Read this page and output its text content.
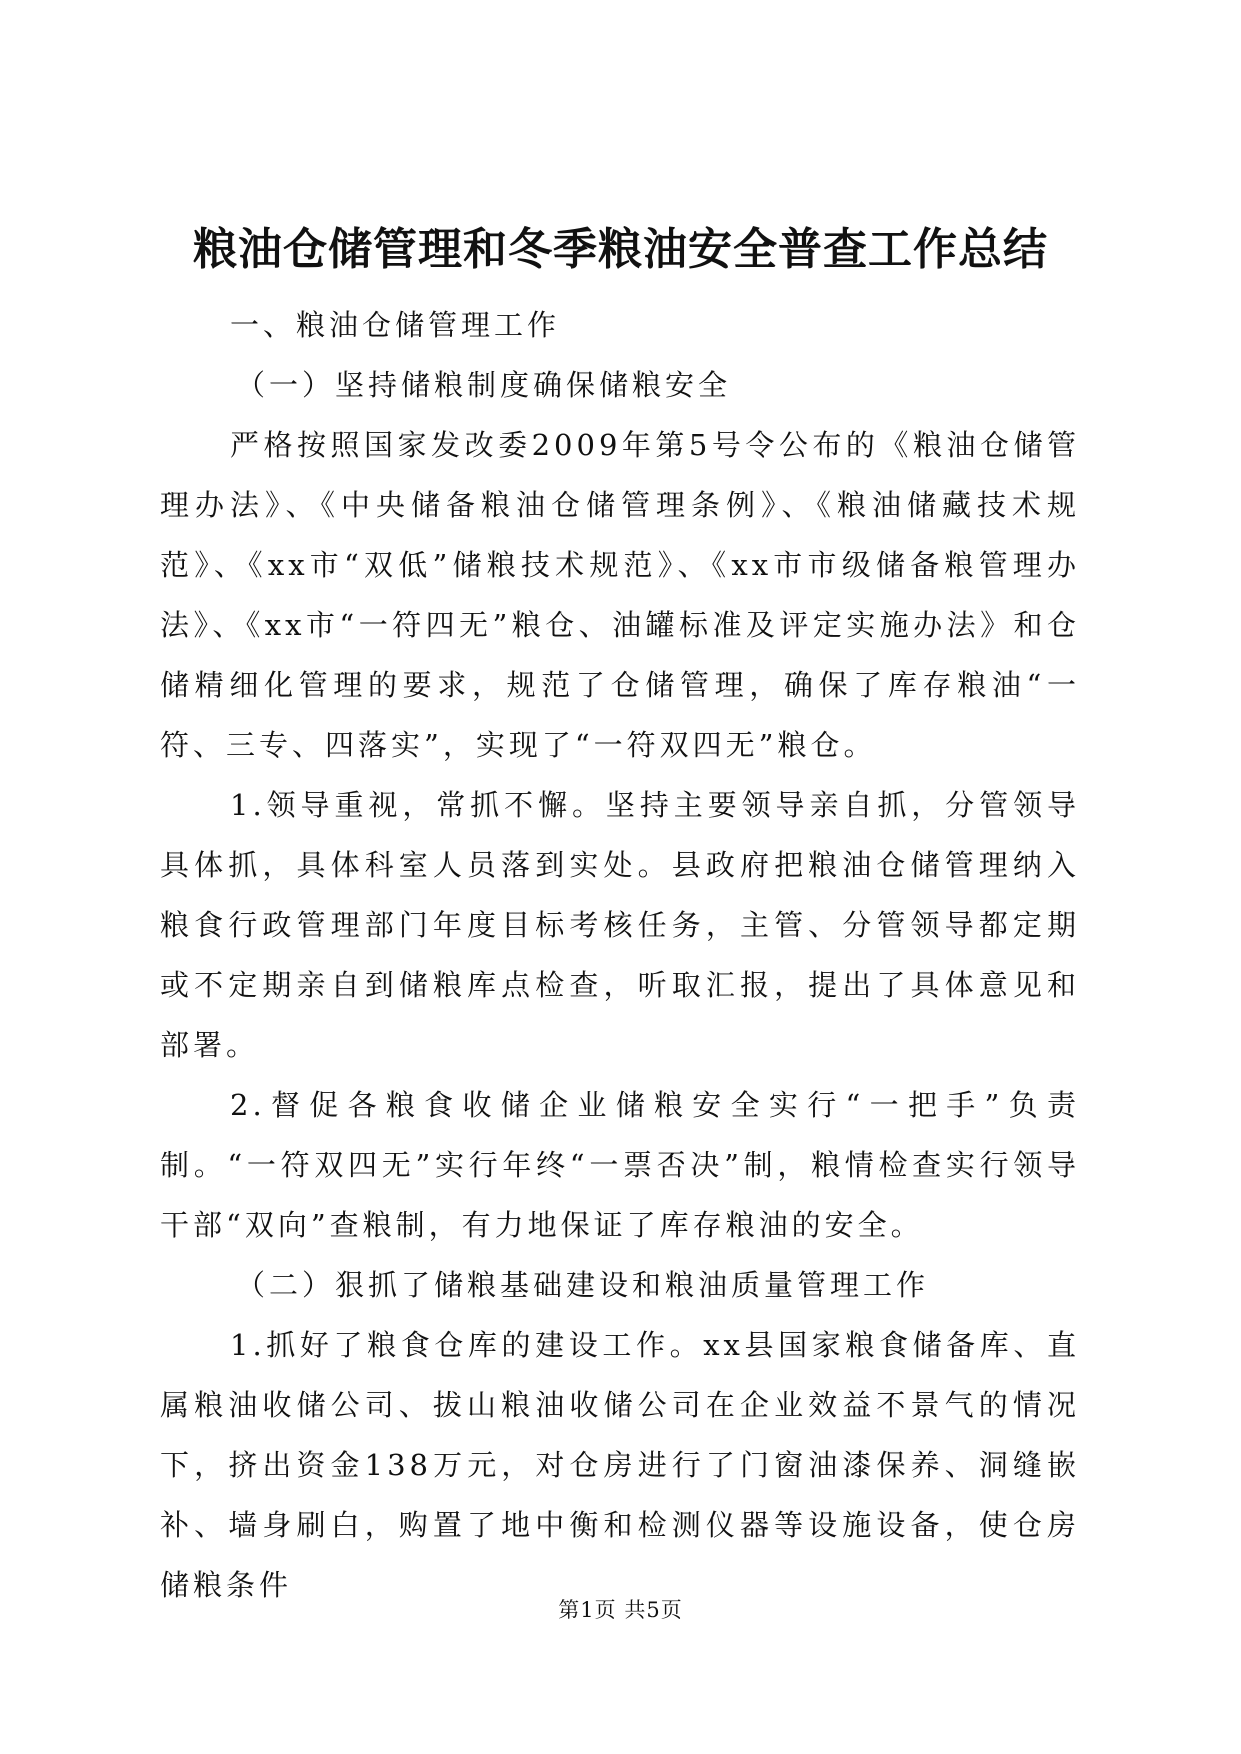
粮油仓储管理和冬季粮油安全普查工作总结

一、粮油仓储管理工作

（一）坚持储粮制度确保储粮安全

严格按照国家发改委2009年第5号令公布的《粮油仓储管理办法》、《中央储备粮油仓储管理条例》、《粮油储藏技术规范》、《xx市“双低”储粮技术规范》、《xx市市级储备粮管理办法》、《xx市“一符四无”粮仓、油罐标准及评定实施办法》和仓储精细化管理的要求，规范了仓储管理，确保了库存粮油“一符、三专、四落实”，实现了“一符双四无”粮仓。

1.领导重视，常抓不懈。坚持主要领导亲自抓，分管领导具体抓，具体科室人员落到实处。县政府把粮油仓储管理纳入粮食行政管理部门年度目标考核任务，主管、分管领导都定期或不定期亲自到储粮库点检查，听取汇报，提出了具体意见和部署。

2.督促各粮食收储企业储粮安全实行“一把手”负责制。“一符双四无”实行年终“一票否决”制，粮情检查实行领导干部“双向”查粮制，有力地保证了库存粮油的安全。

（二）狠抓了储粮基础建设和粮油质量管理工作

1.抓好了粮食仓库的建设工作。xx县国家粮食储备库、直属粮油收储公司、拔山粮油收储公司在企业效益不景气的情况下，挤出资金138万元，对仓房进行了门窗油漆保养、洞缝嵌补、墙身刷白，购置了地中衡和检测仪器等设施设备，使仓房储粮条件

第1页 共5页
